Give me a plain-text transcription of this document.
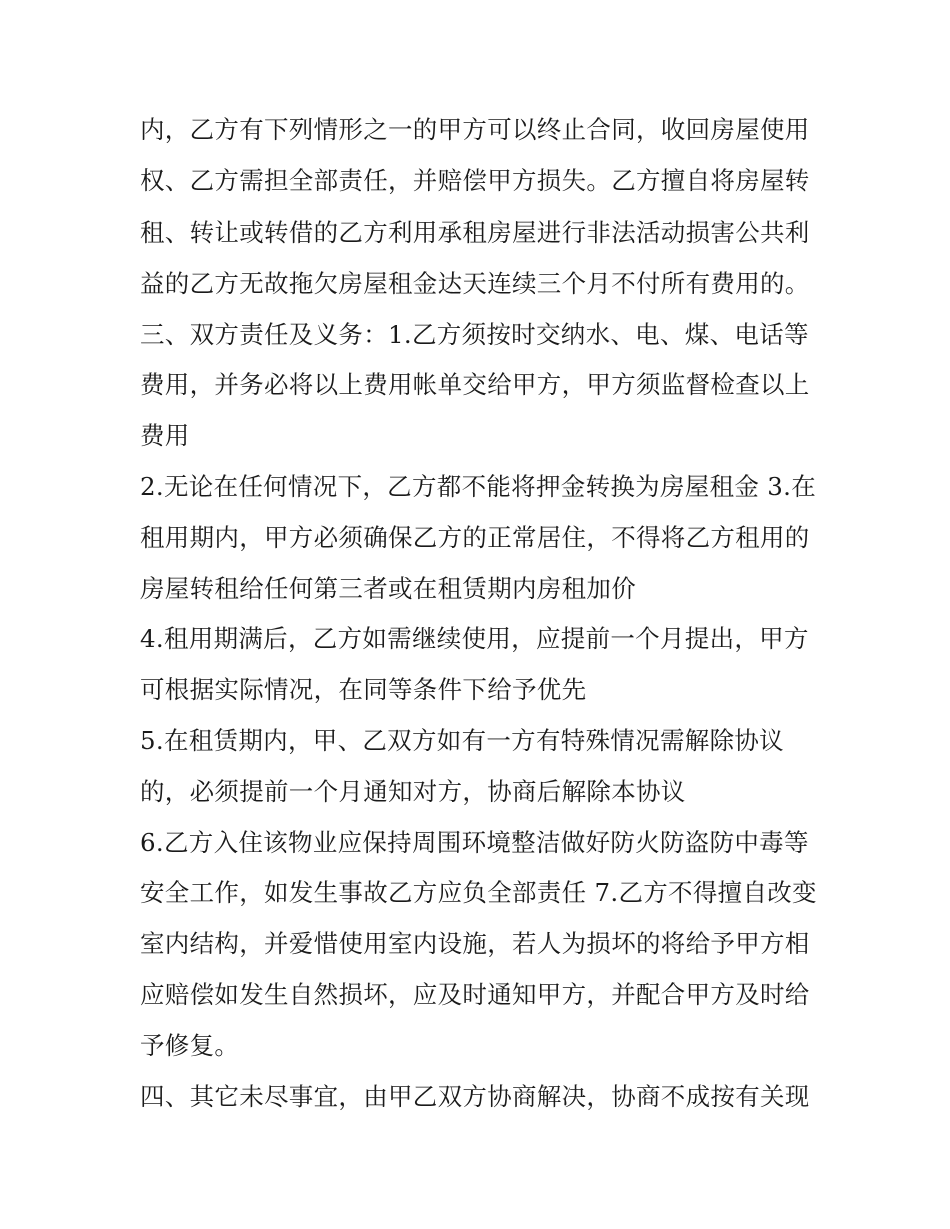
内，乙方有下列情形之一的甲方可以终止合同，收回房屋使用
权、乙方需担全部责任，并赔偿甲方损失。乙方擅自将房屋转
租、转让或转借的乙方利用承租房屋进行非法活动损害公共利
益的乙方无故拖欠房屋租金达天连续三个月不付所有费用的。
三、双方责任及义务：1.乙方须按时交纳水、电、煤、电话等
费用，并务必将以上费用帐单交给甲方，甲方须监督检查以上
费用
2.无论在任何情况下，乙方都不能将押金转换为房屋租金 3.在
租用期内，甲方必须确保乙方的正常居住，不得将乙方租用的
房屋转租给任何第三者或在租赁期内房租加价
4.租用期满后，乙方如需继续使用，应提前一个月提出，甲方
可根据实际情况，在同等条件下给予优先
5.在租赁期内，甲、乙双方如有一方有特殊情况需解除协议
的，必须提前一个月通知对方，协商后解除本协议
6.乙方入住该物业应保持周围环境整洁做好防火防盗防中毒等
安全工作，如发生事故乙方应负全部责任 7.乙方不得擅自改变
室内结构，并爱惜使用室内设施，若人为损坏的将给予甲方相
应赔偿如发生自然损坏，应及时通知甲方，并配合甲方及时给
予修复。
四、其它未尽事宜，由甲乙双方协商解决，协商不成按有关现
